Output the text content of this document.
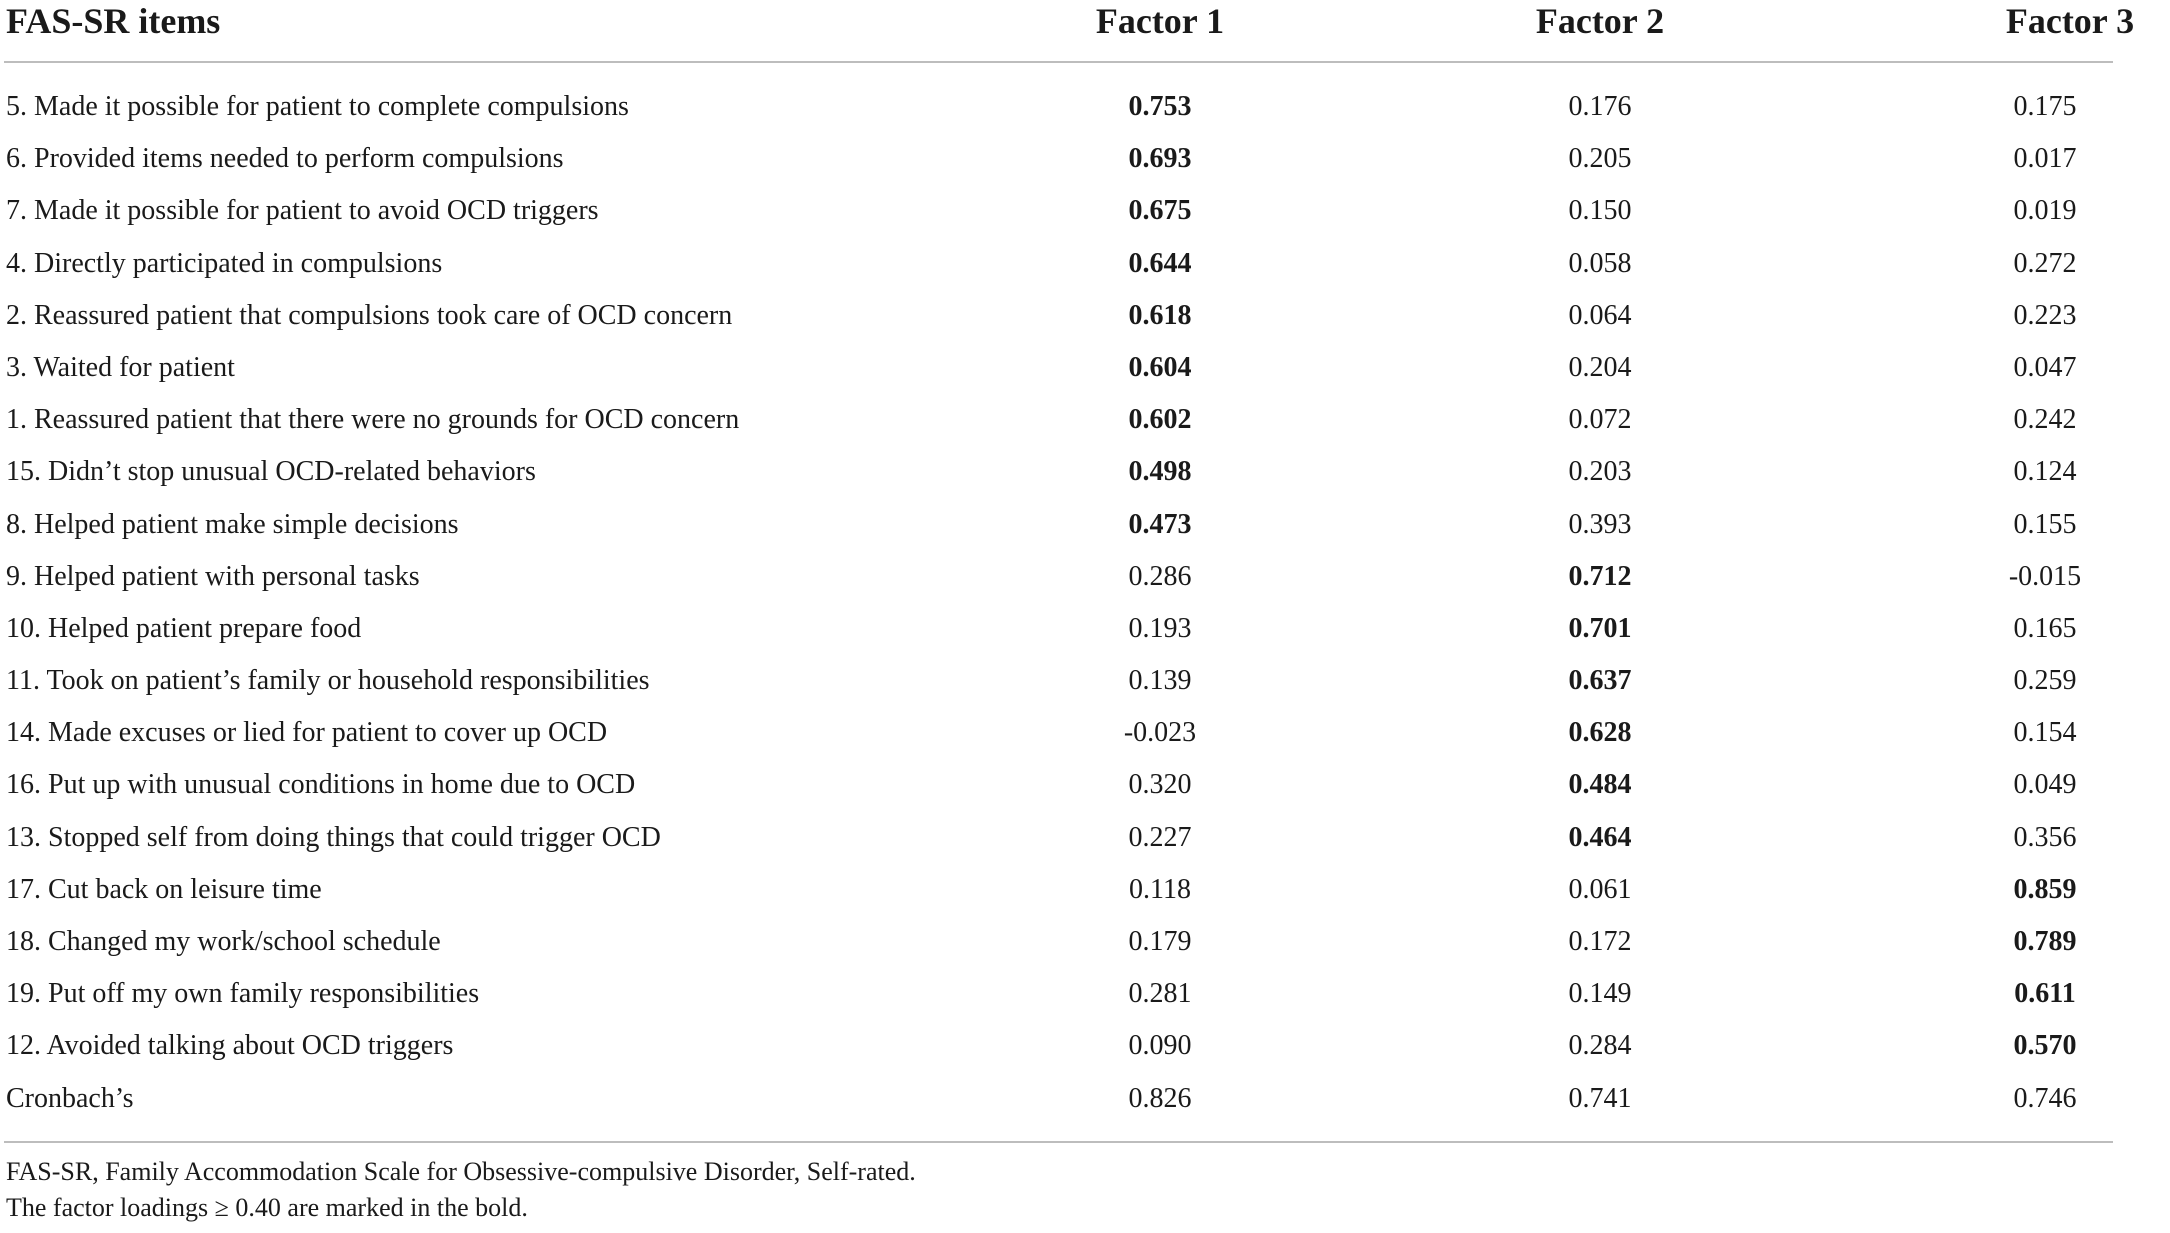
FAS-SR items	Factor 1	Factor 2	Factor 3
5. Made it possible for patient to complete compulsions	0.753	0.176	0.175
6. Provided items needed to perform compulsions	0.693	0.205	0.017
7. Made it possible for patient to avoid OCD triggers	0.675	0.150	0.019
4. Directly participated in compulsions	0.644	0.058	0.272
2. Reassured patient that compulsions took care of OCD concern	0.618	0.064	0.223
3. Waited for patient	0.604	0.204	0.047
1. Reassured patient that there were no grounds for OCD concern	0.602	0.072	0.242
15. Didn’t stop unusual OCD-related behaviors	0.498	0.203	0.124
8. Helped patient make simple decisions	0.473	0.393	0.155
9. Helped patient with personal tasks	0.286	0.712	-0.015
10. Helped patient prepare food	0.193	0.701	0.165
11. Took on patient’s family or household responsibilities	0.139	0.637	0.259
14. Made excuses or lied for patient to cover up OCD	-0.023	0.628	0.154
16. Put up with unusual conditions in home due to OCD	0.320	0.484	0.049
13. Stopped self from doing things that could trigger OCD	0.227	0.464	0.356
17. Cut back on leisure time	0.118	0.061	0.859
18. Changed my work/school schedule	0.179	0.172	0.789
19. Put off my own family responsibilities	0.281	0.149	0.611
12. Avoided talking about OCD triggers	0.090	0.284	0.570
Cronbach’s	0.826	0.741	0.746
FAS-SR, Family Accommodation Scale for Obsessive-compulsive Disorder, Self-rated.
The factor loadings ≥ 0.40 are marked in the bold.
